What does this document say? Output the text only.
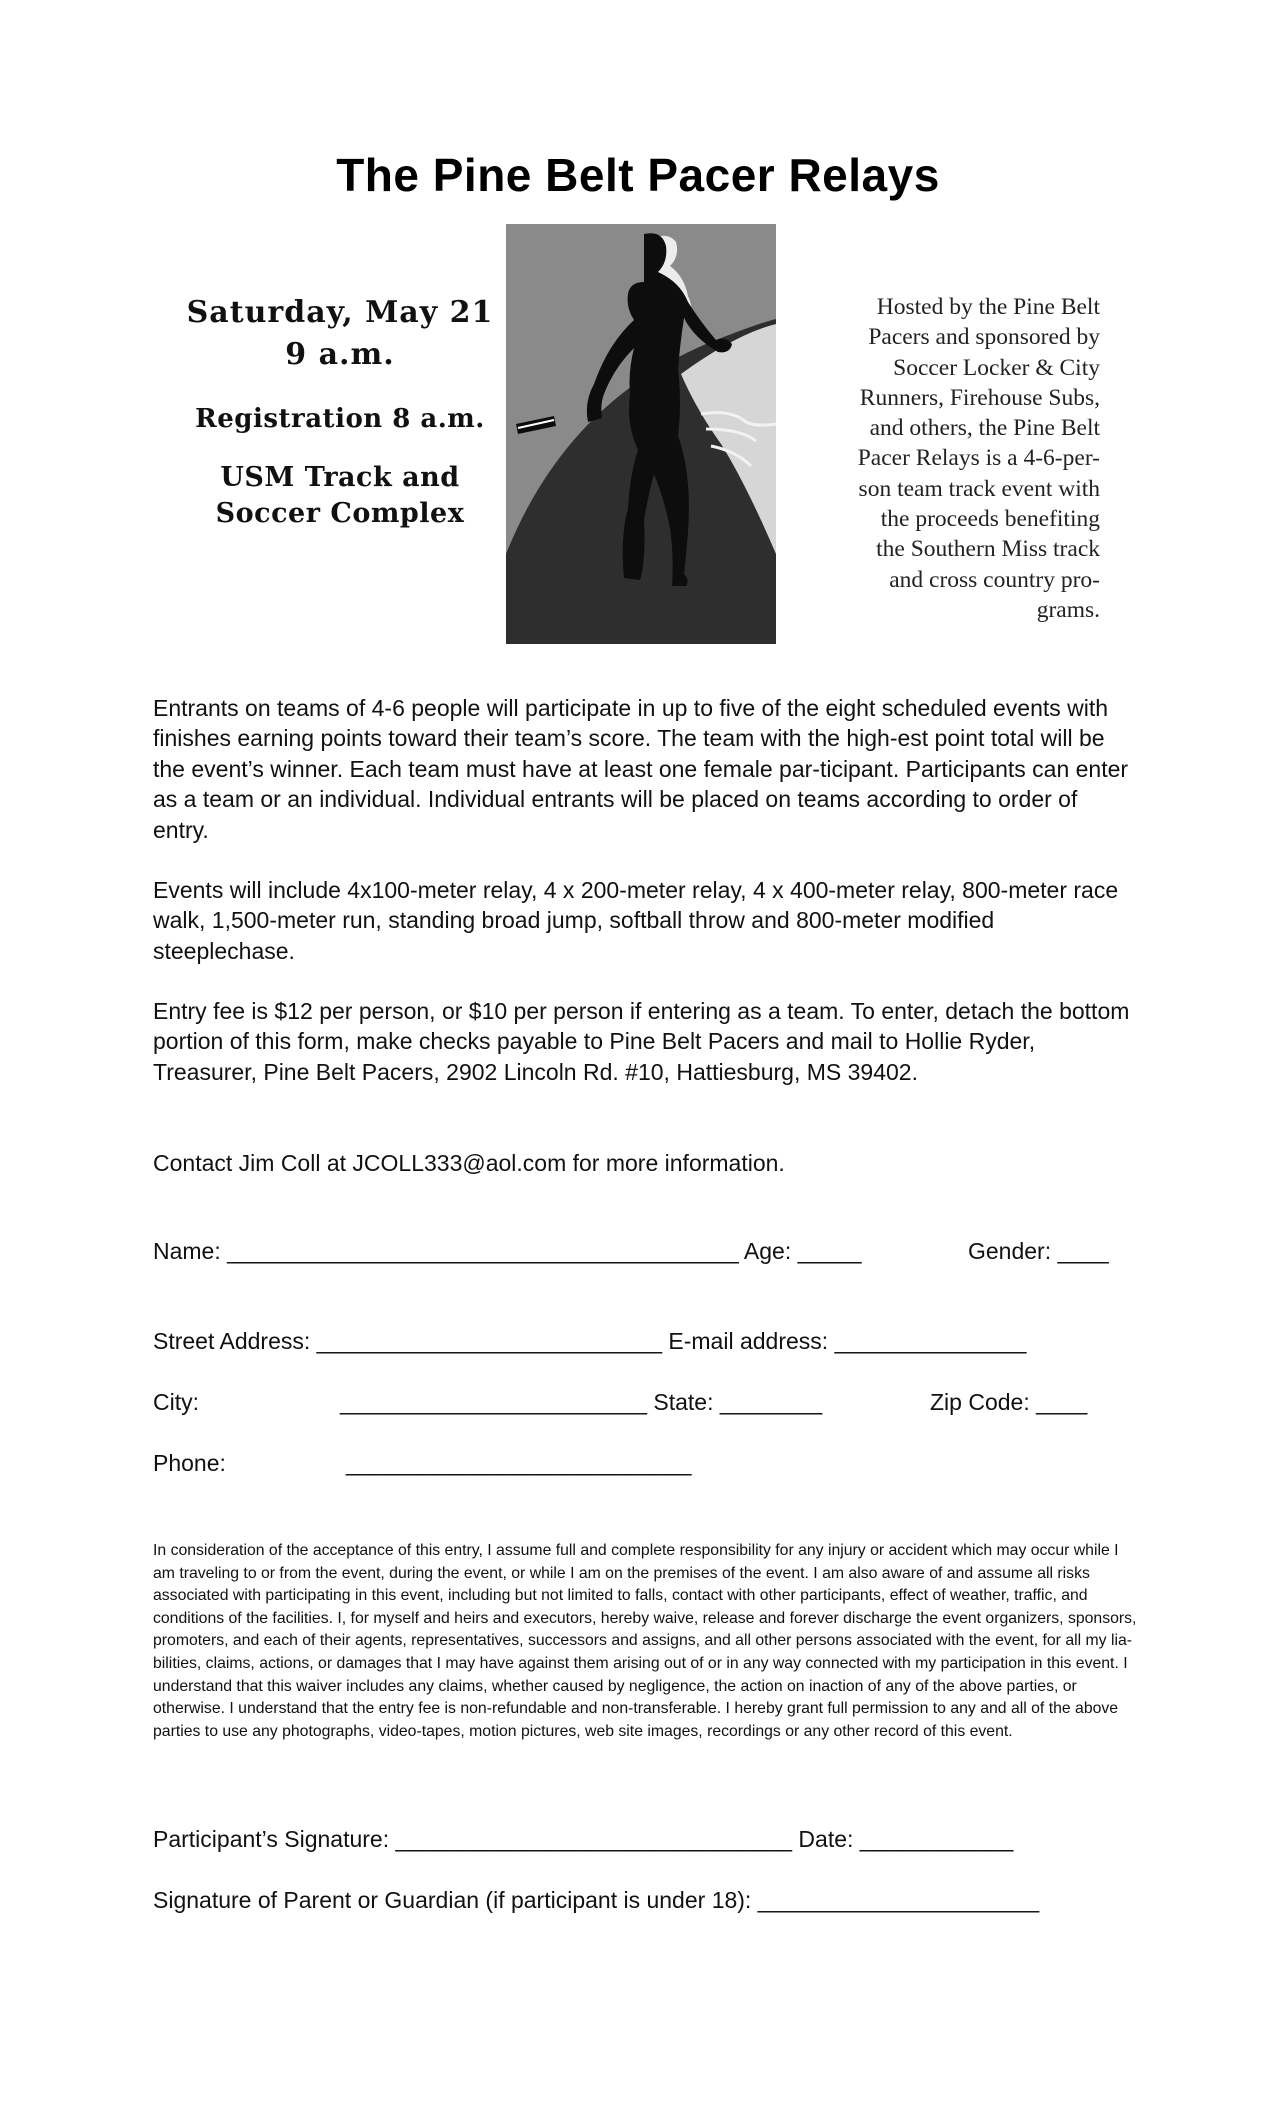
The Pine Belt Pacer Relays
Saturday, May 21
9 a.m.
Registration 8 a.m.
USM Track and
Soccer Complex
Hosted by the Pine Belt
Pacers and sponsored by
Soccer Locker & City
Runners, Firehouse Subs,
and others, the Pine Belt
Pacer Relays is a 4-6-per-
son team track event with
the proceeds benefiting
the Southern Miss track
and cross country pro-
grams.
Entrants on teams of 4-6 people will participate in up to five of the eight scheduled events with finishes earning points toward their team’s score. The team with the high-est point total will be the event’s winner. Each team must have at least one female par-ticipant. Participants can enter as a team or an individual. Individual entrants will be placed on teams according to order of entry.
Events will include 4x100-meter relay, 4 x 200-meter relay, 4 x 400-meter relay, 800-meter race walk, 1,500-meter run, standing broad jump, softball throw and 800-meter modified steeplechase.
Entry fee is $12 per person, or $10 per person if entering as a team. To enter, detach the bottom portion of this form, make checks payable to Pine Belt Pacers and mail to Hollie Ryder, Treasurer, Pine Belt Pacers, 2902 Lincoln Rd. #10, Hattiesburg, MS 39402.
Contact Jim Coll at JCOLL333@aol.com for more information.
Name: ________________________________________ Age: _____	Gender: ____
Street Address: ___________________________ E-mail address: _______________
City:	________________________ State: ________	Zip Code: ____
Phone:	___________________________
In consideration of the acceptance of this entry, I assume full and complete responsibility for any injury or accident which may occur while I am traveling to or from the event, during the event, or while I am on the premises of the event. I am also aware of and assume all risks associated with participating in this event, including but not limited to falls, contact with other participants, effect of weather, traffic, and conditions of the facilities. I, for myself and heirs and executors, hereby waive, release and forever discharge the event organizers, sponsors, promoters, and each of their agents, representatives, successors and assigns, and all other persons associated with the event, for all my lia-bilities, claims, actions, or damages that I may have against them arising out of or in any way connected with my participation in this event. I understand that this waiver includes any claims, whether caused by negligence, the action on inaction of any of the above parties, or otherwise. I understand that the entry fee is non-refundable and non-transferable. I hereby grant full permission to any and all of the above parties to use any photographs, video-tapes, motion pictures, web site images, recordings or any other record of this event.
Participant’s Signature: _______________________________ Date: ____________
Signature of Parent or Guardian (if participant is under 18): ______________________
